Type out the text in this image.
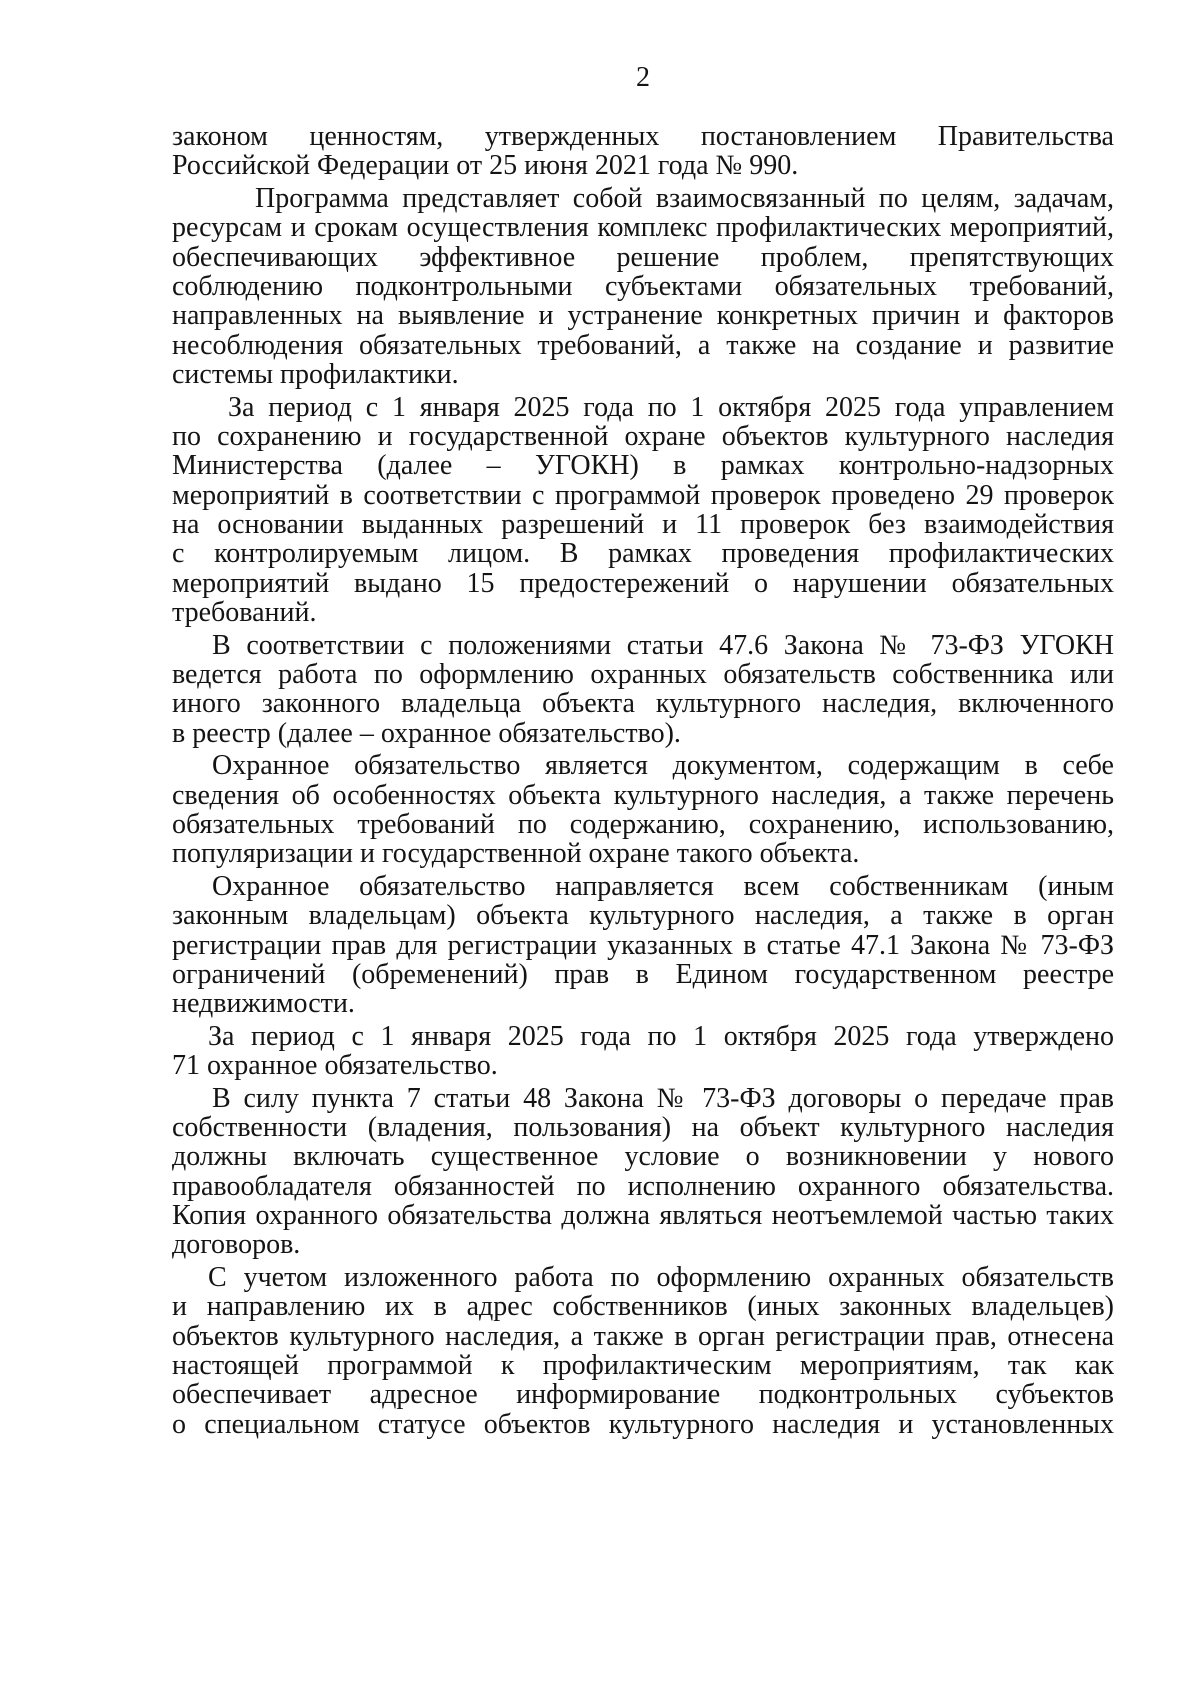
2
законом ценностям, утвержденных постановлением Правительства
Российской Федерации от 25 июня 2021 года № 990.
Программа представляет собой взаимосвязанный по целям, задачам,
ресурсам и срокам осуществления комплекс профилактических мероприятий,
обеспечивающих эффективное решение проблем, препятствующих
соблюдению подконтрольными субъектами обязательных требований,
направленных на выявление и устранение конкретных причин и факторов
несоблюдения обязательных требований, а также на создание и развитие
системы профилактики.
За период с 1 января 2025 года по 1 октября 2025 года управлением
по сохранению и государственной охране объектов культурного наследия
Министерства (далее – УГОКН) в рамках контрольно-надзорных
мероприятий в соответствии с программой проверок проведено 29 проверок
на основании выданных разрешений и 11 проверок без взаимодействия
с контролируемым лицом. В рамках проведения профилактических
мероприятий выдано 15 предостережений о нарушении обязательных
требований.
В соответствии с положениями статьи 47.6 Закона № 73-ФЗ УГОКН
ведется работа по оформлению охранных обязательств собственника или
иного законного владельца объекта культурного наследия, включенного
в реестр (далее – охранное обязательство).
Охранное обязательство является документом, содержащим в себе
сведения об особенностях объекта культурного наследия, а также перечень
обязательных требований по содержанию, сохранению, использованию,
популяризации и государственной охране такого объекта.
Охранное обязательство направляется всем собственникам (иным
законным владельцам) объекта культурного наследия, а также в орган
регистрации прав для регистрации указанных в статье 47.1 Закона № 73-ФЗ
ограничений (обременений) прав в Едином государственном реестре
недвижимости.
За период с 1 января 2025 года по 1 октября 2025 года утверждено
71 охранное обязательство.
В силу пункта 7 статьи 48 Закона № 73-ФЗ договоры о передаче прав
собственности (владения, пользования) на объект культурного наследия
должны включать существенное условие о возникновении у нового
правообладателя обязанностей по исполнению охранного обязательства.
Копия охранного обязательства должна являться неотъемлемой частью таких
договоров.
С учетом изложенного работа по оформлению охранных обязательств
и направлению их в адрес собственников (иных законных владельцев)
объектов культурного наследия, а также в орган регистрации прав, отнесена
настоящей программой к профилактическим мероприятиям, так как
обеспечивает адресное информирование подконтрольных субъектов
о специальном статусе объектов культурного наследия и установленных
